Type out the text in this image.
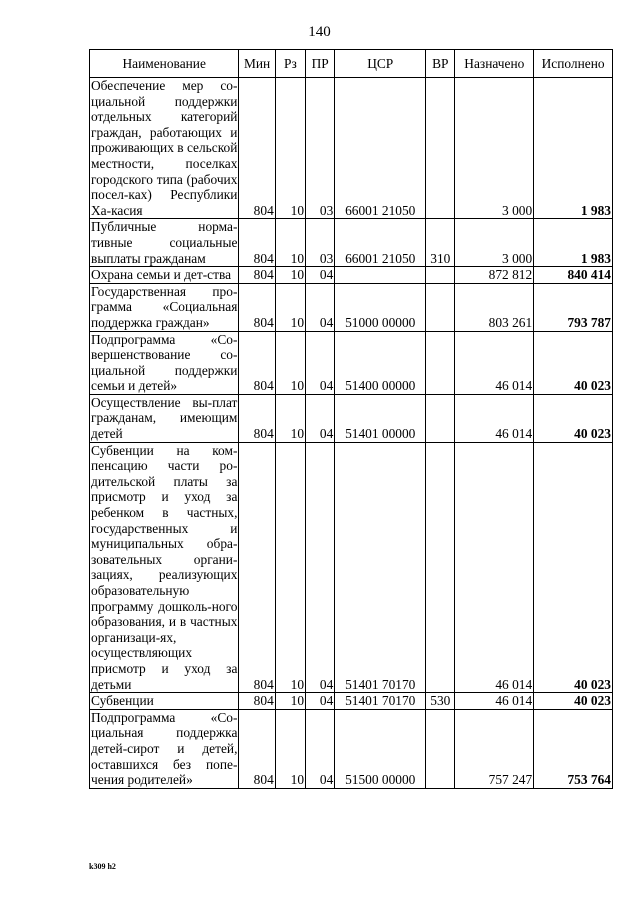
140
Наименование	Мин	Рз	ПР	ЦСР	ВР	Назначено	Исполнено
Обеспечение мер со-циальной поддержки отдельных категорий граждан, работающих и проживающих в сельской местности, поселках городского типа (рабочих посел-ках) Республики Ха-касия	804	10	03	66001 21050		3 000	1 983
Публичные норма-тивные социальные выплаты гражданам	804	10	03	66001 21050	310	3 000	1 983
Охрана семьи и дет-ства	804	10	04			872 812	840 414
Государственная про-грамма «Социальная поддержка граждан»	804	10	04	51000 00000		803 261	793 787
Подпрограмма «Со-вершенствование со-циальной поддержки семьи и детей»	804	10	04	51400 00000		46 014	40 023
Осуществление вы-плат гражданам, имеющим детей	804	10	04	51401 00000		46 014	40 023
Субвенции на ком-пенсацию части ро-дительской платы за присмотр и уход за ребенком в частных, государственных и муниципальных обра-зовательных органи-зациях, реализующих образовательную программу дошколь-ного образования, и в частных организаци-ях, осуществляющих присмотр и уход за детьми	804	10	04	51401 70170		46 014	40 023
Субвенции	804	10	04	51401 70170	530	46 014	40 023
Подпрограмма «Со-циальная поддержка детей-сирот и детей, оставшихся без попе-чения родителей»	804	10	04	51500 00000		757 247	753 764
k309 h2
